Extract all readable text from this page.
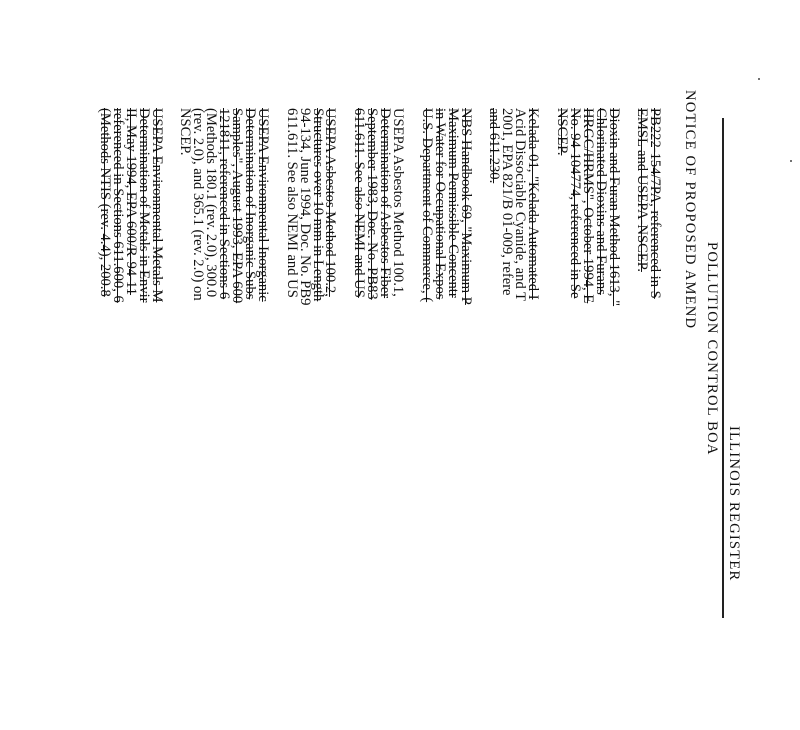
ILLINOIS REGISTER
POLLUTION CONTROL BOA
NOTICE OF PROPOSED AMEND
PB222-154/7PA, referenced in S
EMSL and USEPA-NSCEP.
Dioxin and Furan Method 1613, "
Chlorinated Dioxins and Furans
HRGC/HRMS", October 1994, E
No. 94-104774, referenced in Se
NSCEP.
Kelada-01, "Kelada Automated I
Acid Dissociable Cyanide, and T
2001, EPA 821/B 01-009, refere
and 611.230.
NBS Handbook 69, "Maximum P
Maximum Permissible Concentr
in Water for Occupational Expos
U.S. Department of Commerce, (
USEPA Asbestos Method 100.1,
Determination of Asbestos Fiber
September 1983, Doc. No. PB83
611.611. See also NEMI and US
USEPA Asbestos Method 100.2,
Structures over 10 mm in Length
94-134, June 1994, Doc. No. PB9
611.611. See also NEMI and US
USEPA Environmental Inorganic
Determination of Inorganic Subs
Samples", August 1993, EPA 600
121811, referenced in Sections 6
(Methods 180.1 (rev. 2.0), 300.0
(rev. 2.0), and 365.1 (rev. 2.0) on
NSCEP.
USEPA Environmental Metals M
Determination of Metals in Envir
II, May 1994, EPA 600/R-94-11
referenced in Sections 611.600, 6
(Methods NTIS (rev. 4.4), 200.8
